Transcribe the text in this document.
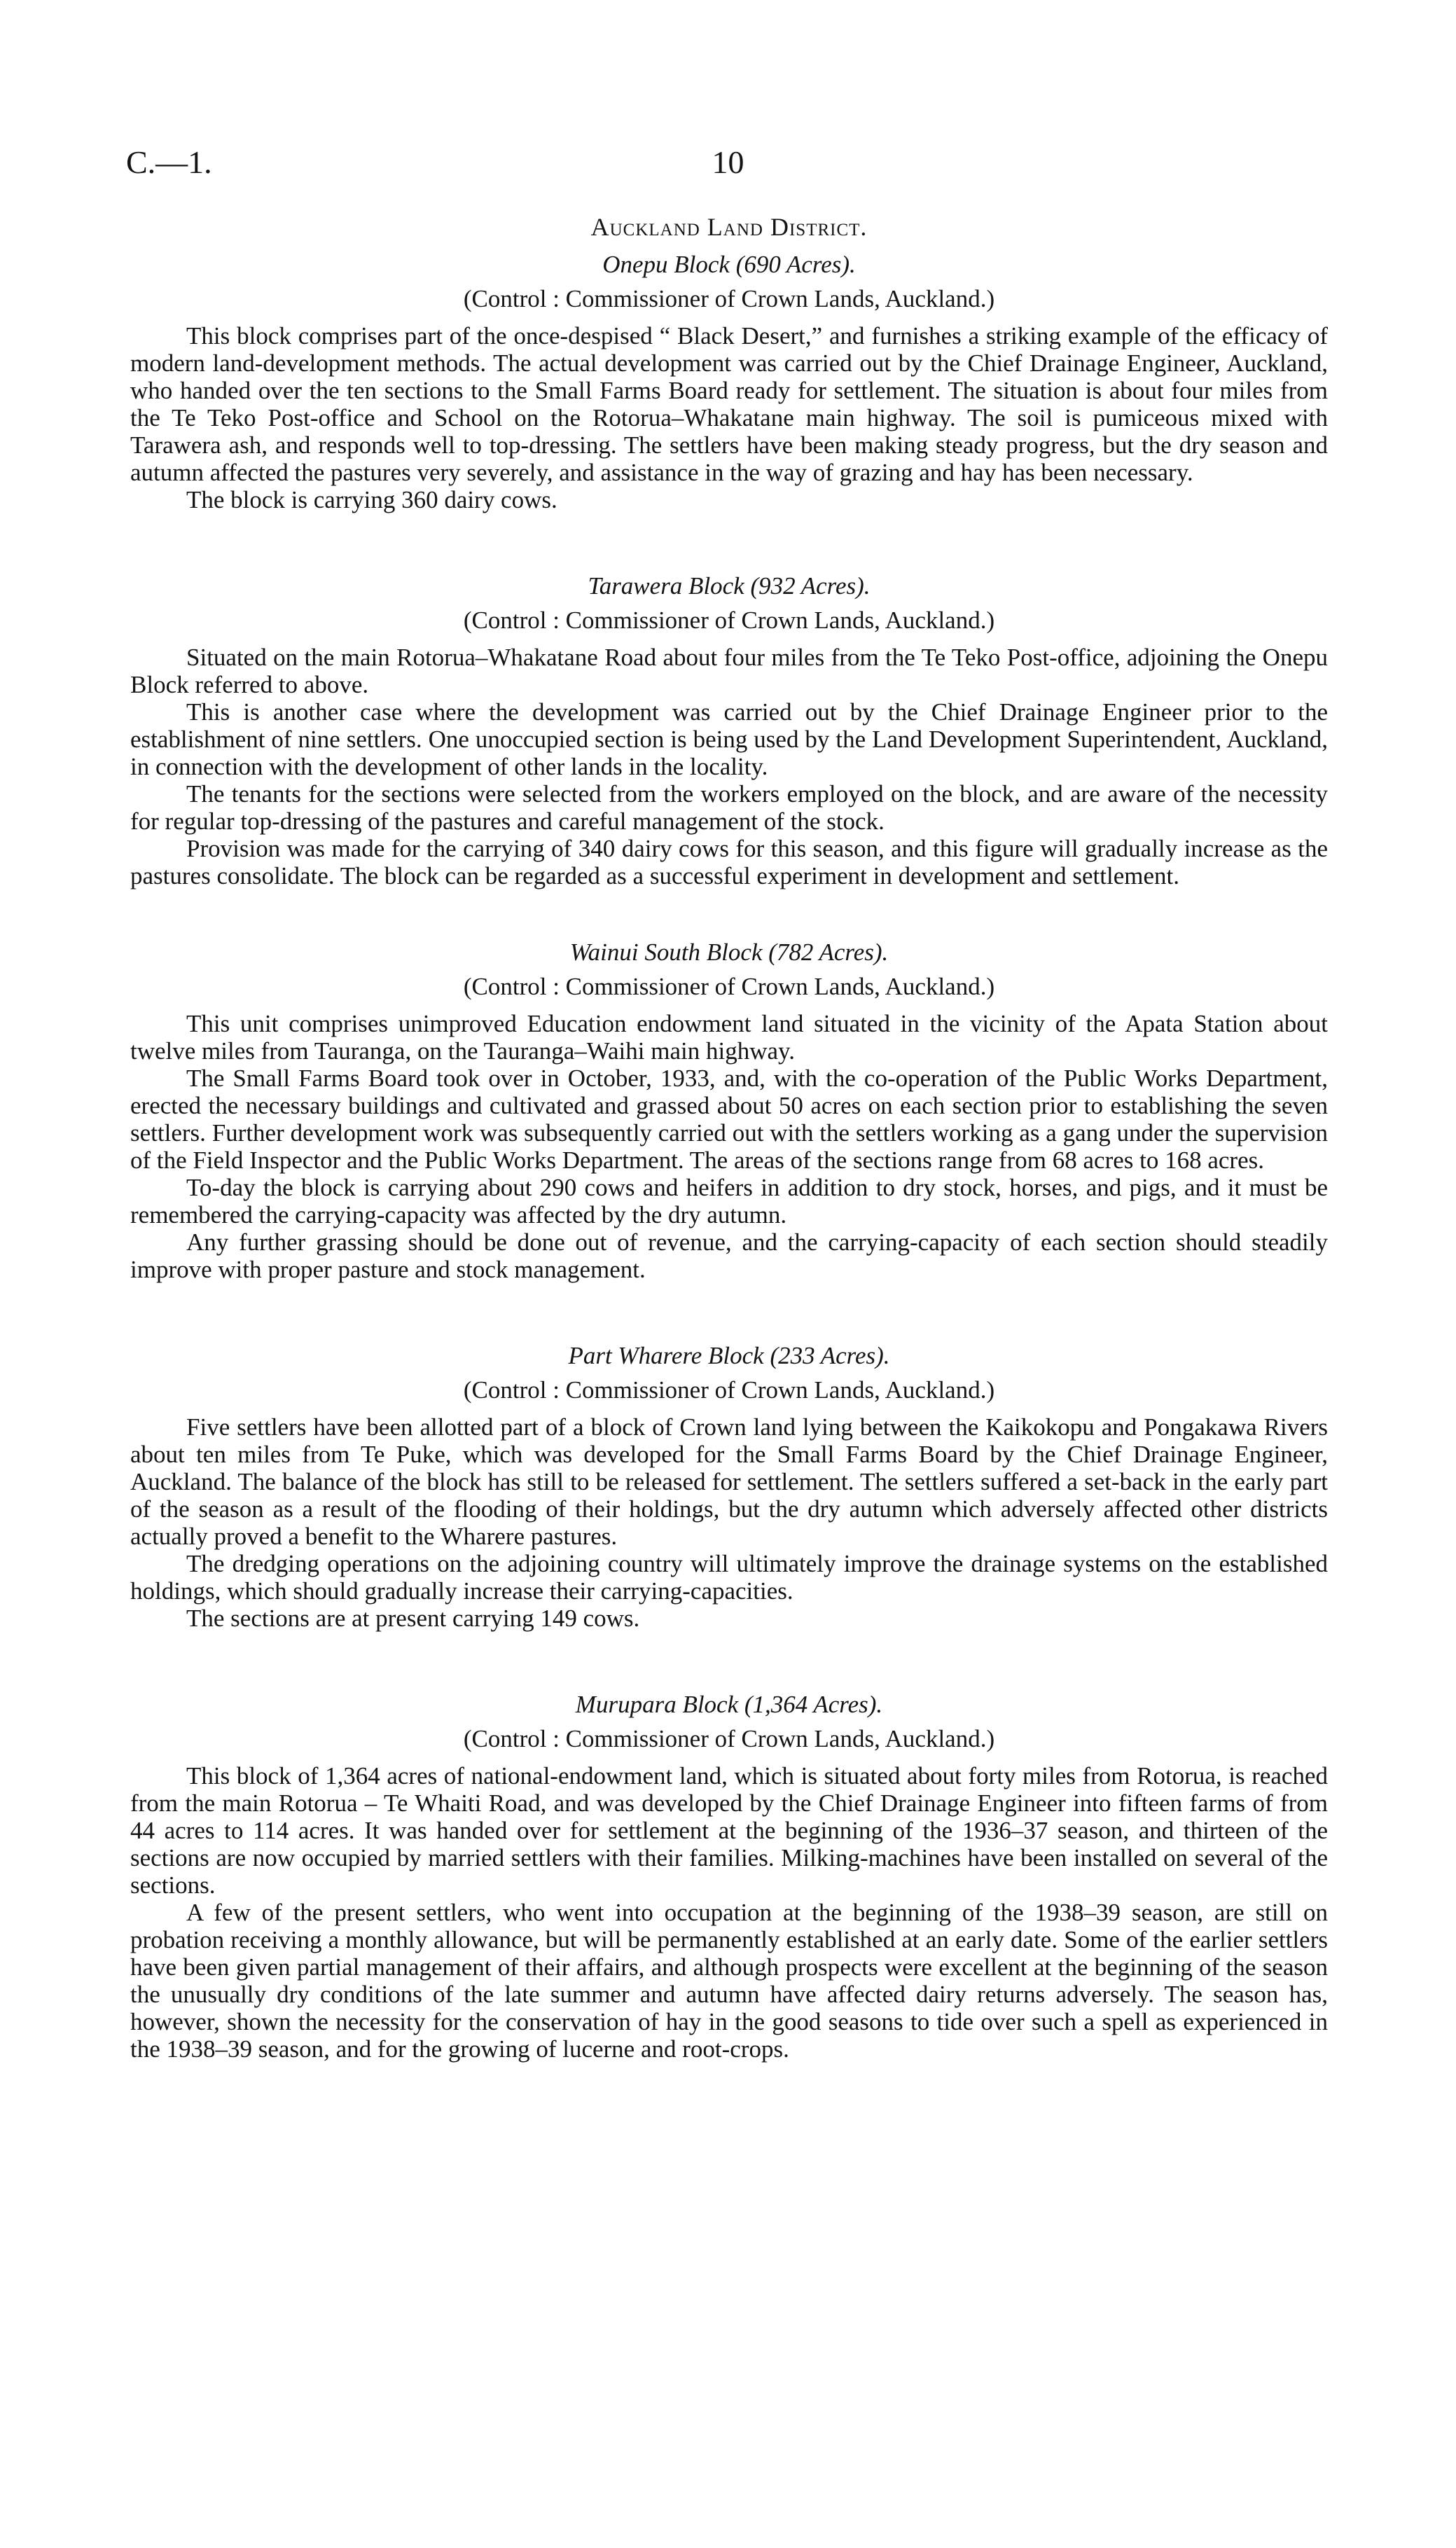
C.—1.	10
Auckland Land District.
Onepu Block (690 Acres).
(Control : Commissioner of Crown Lands, Auckland.)

This block comprises part of the once-despised “ Black Desert,” and furnishes a striking example of the efficacy of modern land-development methods. The actual development was carried out by the Chief Drainage Engineer, Auckland, who handed over the ten sections to the Small Farms Board ready for settlement. The situation is about four miles from the Te Teko Post-office and School on the Rotorua–Whakatane main highway. The soil is pumiceous mixed with Tarawera ash, and responds well to top-dressing. The settlers have been making steady progress, but the dry season and autumn affected the pastures very severely, and assistance in the way of grazing and hay has been necessary.

The block is carrying 360 dairy cows.

Tarawera Block (932 Acres).
(Control : Commissioner of Crown Lands, Auckland.)

Situated on the main Rotorua–Whakatane Road about four miles from the Te Teko Post-office, adjoining the Onepu Block referred to above.

This is another case where the development was carried out by the Chief Drainage Engineer prior to the establishment of nine settlers. One unoccupied section is being used by the Land Development Superintendent, Auckland, in connection with the development of other lands in the locality.

The tenants for the sections were selected from the workers employed on the block, and are aware of the necessity for regular top-dressing of the pastures and careful management of the stock.

Provision was made for the carrying of 340 dairy cows for this season, and this figure will gradually increase as the pastures consolidate. The block can be regarded as a successful experiment in development and settlement.

Wainui South Block (782 Acres).
(Control : Commissioner of Crown Lands, Auckland.)

This unit comprises unimproved Education endowment land situated in the vicinity of the Apata Station about twelve miles from Tauranga, on the Tauranga–Waihi main highway.

The Small Farms Board took over in October, 1933, and, with the co-operation of the Public Works Department, erected the necessary buildings and cultivated and grassed about 50 acres on each section prior to establishing the seven settlers. Further development work was subsequently carried out with the settlers working as a gang under the supervision of the Field Inspector and the Public Works Department. The areas of the sections range from 68 acres to 168 acres.

To-day the block is carrying about 290 cows and heifers in addition to dry stock, horses, and pigs, and it must be remembered the carrying-capacity was affected by the dry autumn.

Any further grassing should be done out of revenue, and the carrying-capacity of each section should steadily improve with proper pasture and stock management.

Part Wharere Block (233 Acres).
(Control : Commissioner of Crown Lands, Auckland.)

Five settlers have been allotted part of a block of Crown land lying between the Kaikokopu and Pongakawa Rivers about ten miles from Te Puke, which was developed for the Small Farms Board by the Chief Drainage Engineer, Auckland. The balance of the block has still to be released for settlement. The settlers suffered a set-back in the early part of the season as a result of the flooding of their holdings, but the dry autumn which adversely affected other districts actually proved a benefit to the Wharere pastures.

The dredging operations on the adjoining country will ultimately improve the drainage systems on the established holdings, which should gradually increase their carrying-capacities.

The sections are at present carrying 149 cows.

Murupara Block (1,364 Acres).
(Control : Commissioner of Crown Lands, Auckland.)

This block of 1,364 acres of national-endowment land, which is situated about forty miles from Rotorua, is reached from the main Rotorua – Te Whaiti Road, and was developed by the Chief Drainage Engineer into fifteen farms of from 44 acres to 114 acres. It was handed over for settlement at the beginning of the 1936–37 season, and thirteen of the sections are now occupied by married settlers with their families. Milking-machines have been installed on several of the sections.

A few of the present settlers, who went into occupation at the beginning of the 1938–39 season, are still on probation receiving a monthly allowance, but will be permanently established at an early date. Some of the earlier settlers have been given partial management of their affairs, and although prospects were excellent at the beginning of the season the unusually dry conditions of the late summer and autumn have affected dairy returns adversely. The season has, however, shown the necessity for the conservation of hay in the good seasons to tide over such a spell as experienced in the 1938–39 season, and for the growing of lucerne and root-crops.
